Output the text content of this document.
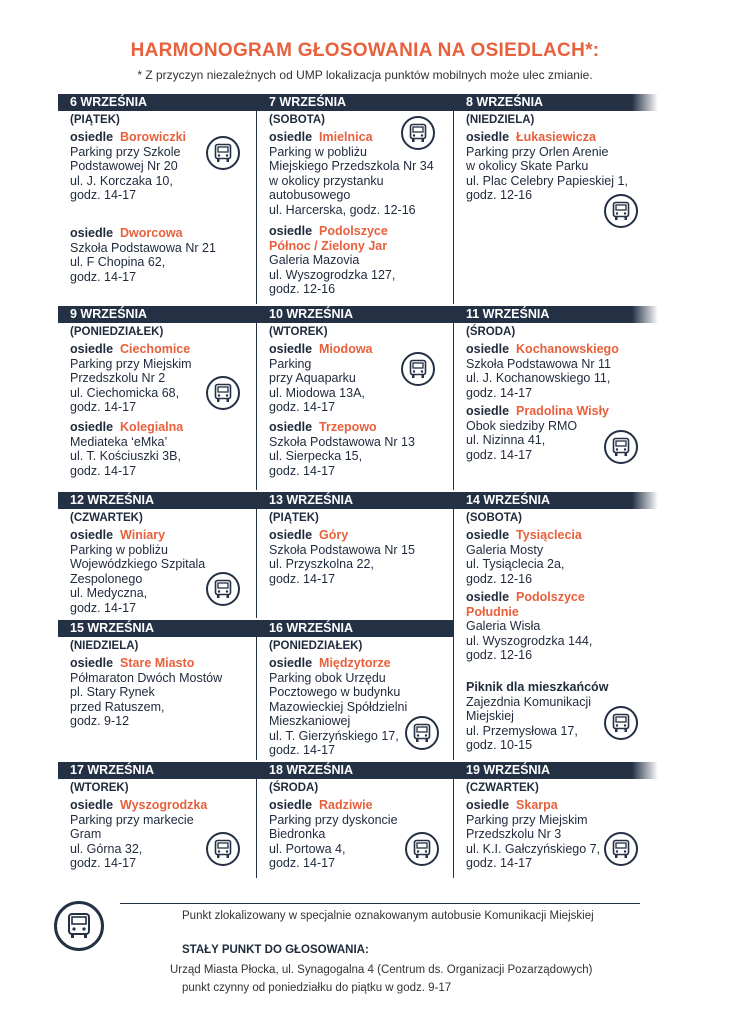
HARMONOGRAM GŁOSOWANIA NA OSIEDLACH*:
* Z przyczyn niezależnych od UMP lokalizacja punktów mobilnych może ulec zmianie.
6 WRZEŚNIA
(PIĄTEK)
osiedle Borowiczki
Parking przy Szkole
Podstawowej Nr 20
ul. J. Korczaka 10,
godz. 14-17
osiedle Dworcowa
Szkoła Podstawowa Nr 21
ul. F Chopina 62,
godz. 14-17
7 WRZEŚNIA
(SOBOTA)
osiedle Imielnica
Parking w pobliżu
Miejskiego Przedszkola Nr 34
w okolicy przystanku
autobusowego
ul. Harcerska, godz. 12-16
osiedle Podolszyce
Północ / Zielony Jar
Galeria Mazovia
ul. Wyszogrodzka 127,
godz. 12-16
8 WRZEŚNIA
(NIEDZIELA)
osiedle Łukasiewicza
Parking przy Orlen Arenie
w okolicy Skate Parku
ul. Plac Celebry Papieskiej 1,
godz. 12-16
9 WRZEŚNIA
(PONIEDZIAŁEK)
osiedle Ciechomice
Parking przy Miejskim
Przedszkolu Nr 2
ul. Ciechomicka 68,
godz. 14-17
osiedle Kolegialna
Mediateka ‘eMka’
ul. T. Kościuszki 3B,
godz. 14-17
10 WRZEŚNIA
(WTOREK)
osiedle Miodowa
Parking
przy Aquaparku
ul. Miodowa 13A,
godz. 14-17
osiedle Trzepowo
Szkoła Podstawowa Nr 13
ul. Sierpecka 15,
godz. 14-17
11 WRZEŚNIA
(ŚRODA)
osiedle Kochanowskiego
Szkoła Podstawowa Nr 11
ul. J. Kochanowskiego 11,
godz. 14-17
osiedle Pradolina Wisły
Obok siedziby RMO
ul. Nizinna 41,
godz. 14-17
12 WRZEŚNIA
(CZWARTEK)
osiedle Winiary
Parking w pobliżu
Wojewódzkiego Szpitala
Zespolonego
ul. Medyczna,
godz. 14-17
13 WRZEŚNIA
(PIĄTEK)
osiedle Góry
Szkoła Podstawowa Nr 15
ul. Przyszkolna 22,
godz. 14-17
14 WRZEŚNIA
(SOBOTA)
osiedle Tysiąclecia
Galeria Mosty
ul. Tysiąclecia 2a,
godz. 12-16
osiedle Podolszyce
Południe
Galeria Wisła
ul. Wyszogrodzka 144,
godz. 12-16
Piknik dla mieszkańców
Zajezdnia Komunikacji
Miejskiej
ul. Przemysłowa 17,
godz. 10-15
15 WRZEŚNIA
(NIEDZIELA)
osiedle Stare Miasto
Półmaraton Dwóch Mostów
pl. Stary Rynek
przed Ratuszem,
godz. 9-12
16 WRZEŚNIA
(PONIEDZIAŁEK)
osiedle Międzytorze
Parking obok Urzędu
Pocztowego w budynku
Mazowieckiej Spółdzielni
Mieszkaniowej
ul. T. Gierzyńskiego 17,
godz. 14-17
17 WRZEŚNIA
(WTOREK)
osiedle Wyszogrodzka
Parking przy markecie
Gram
ul. Górna 32,
godz. 14-17
18 WRZEŚNIA
(ŚRODA)
osiedle Radziwie
Parking przy dyskoncie
Biedronka
ul. Portowa 4,
godz. 14-17
19 WRZEŚNIA
(CZWARTEK)
osiedle Skarpa
Parking przy Miejskim
Przedszkolu Nr 3
ul. K.I. Gałczyńskiego 7,
godz. 14-17
Punkt zlokalizowany w specjalnie oznakowanym autobusie Komunikacji Miejskiej
STAŁY PUNKT DO GŁOSOWANIA:
Urząd Miasta Płocka, ul. Synagogalna 4 (Centrum ds. Organizacji Pozarządowych)
punkt czynny od poniedziałku do piątku w godz. 9-17
